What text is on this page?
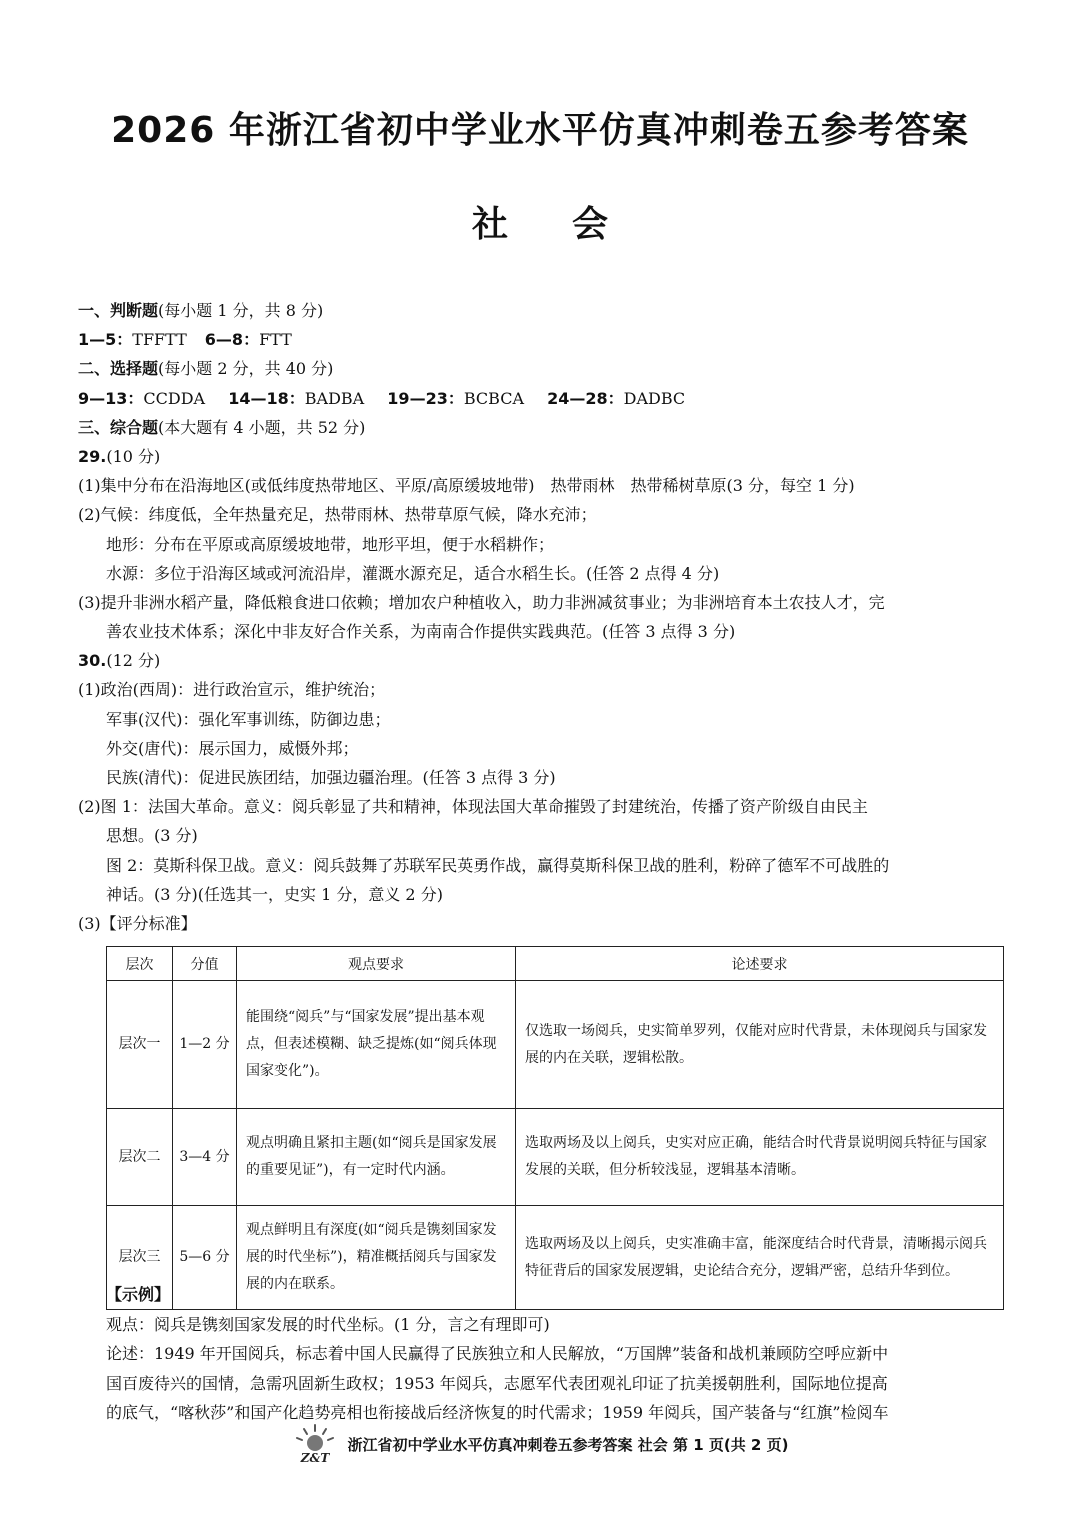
2026 年浙江省初中学业水平仿真冲刺卷五参考答案
社会
一、判断题(每小题 1 分，共 8 分)
1—5：TFFTT 6—8：FTT
二、选择题(每小题 2 分，共 40 分)
9—13：CCDDA 14—18：BADBA 19—23：BCBCA 24—28：DADBC
三、综合题(本大题有 4 小题，共 52 分)
29.(10 分)
(1)集中分布在沿海地区(或低纬度热带地区、平原/高原缓坡地带)　热带雨林　热带稀树草原(3 分，每空 1 分)
(2)气候：纬度低，全年热量充足，热带雨林、热带草原气候，降水充沛；
地形：分布在平原或高原缓坡地带，地形平坦，便于水稻耕作；
水源：多位于沿海区域或河流沿岸，灌溉水源充足，适合水稻生长。(任答 2 点得 4 分)
(3)提升非洲水稻产量，降低粮食进口依赖；增加农户种植收入，助力非洲减贫事业；为非洲培育本土农技人才，完
善农业技术体系；深化中非友好合作关系，为南南合作提供实践典范。(任答 3 点得 3 分)
30.(12 分)
(1)政治(西周)：进行政治宣示，维护统治；
军事(汉代)：强化军事训练，防御边患；
外交(唐代)：展示国力，威慑外邦；
民族(清代)：促进民族团结，加强边疆治理。(任答 3 点得 3 分)
(2)图 1：法国大革命。意义：阅兵彰显了共和精神，体现法国大革命摧毁了封建统治，传播了资产阶级自由民主
思想。(3 分)
图 2：莫斯科保卫战。意义：阅兵鼓舞了苏联军民英勇作战，赢得莫斯科保卫战的胜利，粉碎了德军不可战胜的
神话。(3 分)(任选其一，史实 1 分，意义 2 分)
(3)【评分标准】
层次	分值	观点要求	论述要求
层次一	1—2 分	能围绕“阅兵”与“国家发展”提出基本观点，但表述模糊、缺乏提炼(如“阅兵体现国家变化”)。	仅选取一场阅兵，史实简单罗列，仅能对应时代背景，未体现阅兵与国家发展的内在关联，逻辑松散。
层次二	3—4 分	观点明确且紧扣主题(如“阅兵是国家发展的重要见证”)，有一定时代内涵。	选取两场及以上阅兵，史实对应正确，能结合时代背景说明阅兵特征与国家发展的关联，但分析较浅显，逻辑基本清晰。
层次三	5—6 分	观点鲜明且有深度(如“阅兵是镌刻国家发展的时代坐标”)，精准概括阅兵与国家发展的内在联系。	选取两场及以上阅兵，史实准确丰富，能深度结合时代背景，清晰揭示阅兵特征背后的国家发展逻辑，史论结合充分，逻辑严密，总结升华到位。
【示例】
观点：阅兵是镌刻国家发展的时代坐标。(1 分，言之有理即可)
论述：1949 年开国阅兵，标志着中国人民赢得了民族独立和人民解放，“万国牌”装备和战机兼顾防空呼应新中
国百废待兴的国情，急需巩固新生政权；1953 年阅兵，志愿军代表团观礼印证了抗美援朝胜利，国际地位提高
的底气，“喀秋莎”和国产化趋势亮相也衔接战后经济恢复的时代需求；1959 年阅兵，国产装备与“红旗”检阅车
Z&T
浙江省初中学业水平仿真冲刺卷五参考答案 社会 第 1 页(共 2 页)
